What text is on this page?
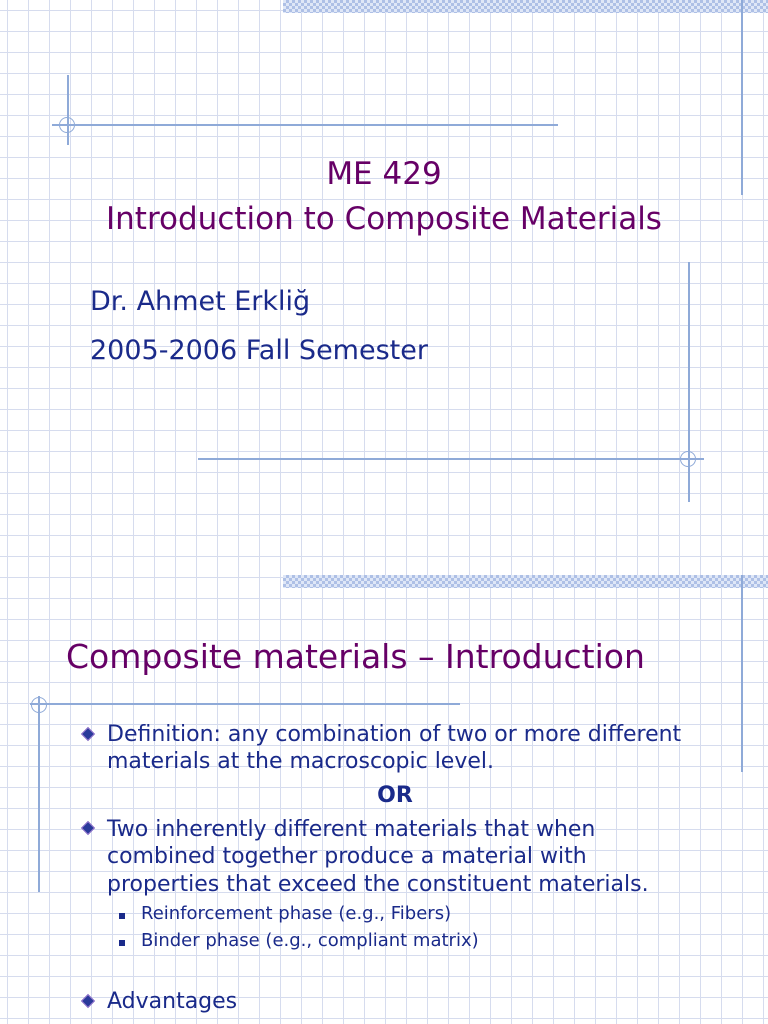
ME 429
Introduction to Composite Materials
Dr. Ahmet Erkliğ
2005-2006 Fall Semester
Composite materials – Introduction
Definition: any combination of two or more different
materials at the macroscopic level.
OR
Two inherently different materials that when
combined together produce a material with
properties that exceed the constituent materials.
Reinforcement phase (e.g., Fibers)
Binder phase (e.g., compliant matrix)
Advantages
